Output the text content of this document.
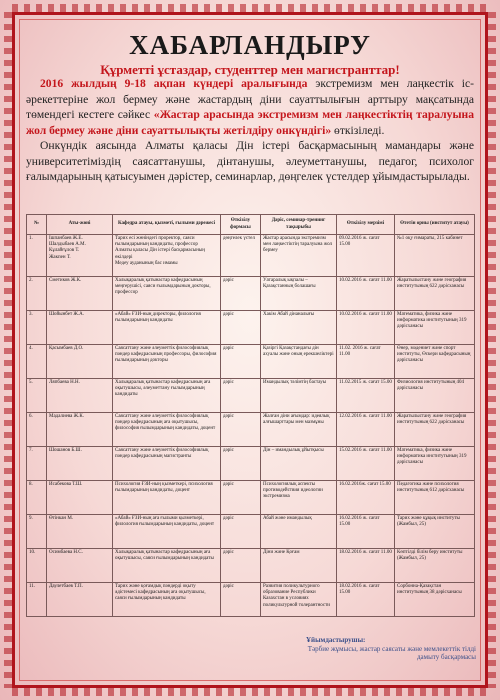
ХАБАРЛАНДЫРУ
Құрметті ұстаздар, студенттер мен магистранттар!

2016 жылдың 9-18 ақпан күндері аралығында экстремизм мен лаңкестік іс-әрекеттеріне жол бермеу және жастардың діни сауаттылығын арттыру мақсатында төмендегі кестеге сәйкес «Жастар арасында экстремизм мен лаңкестіктің таралуына жол бермеу және діни сауаттылықты жетілдіру онкүндігі» өткізіледі.

Онкүндік аясында Алматы қаласы Дін істері басқармасының мамандары және университетіміздің саясаттанушы, дінтанушы, әлеуметтанушы, педагог, психолог ғалымдарының қатысуымен дәрістер, семинарлар, дөңгелек үстелдер ұйымдастырылады.

№	Аты-жөні	Кафедра атауы, қызметі, ғылыми дәрежесі	Өткізілу формасы	Дәріс, семинар-тренинг тақырыбы	Өткізілу мерзімі	Өтетін орны (институт атауы)
1.	Ішпанбаев Ж.Е.
Шалдыбаев А.М.
Кұлайғұлов Т.
Жакпен Т.	Тарих есі жөніндегі проректор, саяси ғылымдарының кандидаты, профессор
Алматы қаласы Дін істері басқармасының өкілдері
Медеу ауданының бас имамы	дөңгелек үстел	Жастар арасында экстремизм мен лаңкестіктің таралуына жол бермеу	09.02.2016 ж. сағат 15.00	№1 оқу ғимараты, 215 кабинет
2.	Сметиков Ж.К.	Халықаралық қатынастар кафедрасының меңгерушісі, саяси ғылымдарының докторы, профессор	дәріс	Уатаралық ықпалы – Қазақстанның болашағы	10.02.2016 ж. сағат 11.00	Жаратылыстану және география институтының 622 дәрісханасы
3.	Шойынбет Ж.А.	«Абай» ҒЗИ-ның директоры, филология ғылымдарының кандидаты	дәріс	Хакім Абай дінаналығы	10.02.2016 ж. сағат 11.00	Математика, физика және информатика институтының 319 дәрісханасы
4.	Қасымбаев Д.О.	Саясаттану және әлеуметтік философиялық пәндер кафедрасының профессоры, философия ғылымдарының докторы	дәріс	Қазіргі Қазақстандағы дін ахуалы және оның ерекшеліктері	11.02. 2016 ж. сағат 11.00	Өнер, мәдениет және спорт институты, Өскери кафедрасының дәрісханасы
5.	Ляпбаева Н.Н.	Халықаралық қатынастар кафедрасының аға оқытушысы, әлеуметтану ғылымдарының кандидаты	дәріс	Имандылық тәлімтің бастауы	11.02.2015 ж. сағат 15.00	Физиология институтының 404 дәрісханасы
6.	Мадалиева Ж.К.	Саясаттану және әлеуметтік философиялық пәндер кафедрасының аға оқытушысы, философия ғылымдарының кандидаты, доцент	дәріс	Жалған діни ағымдар: идеялық алғышарттары мен мазмұны	12.02.2016 ж. сағат 11.00	Жаратылыстану және география институтының 622 дәрісханасы
7.	Шошанов Б.Ш.	Саясаттану және әлеуметтік философиялық пәндер кафедрасының магистранты	дәріс	Дін – имандылық ұйытқысы	15.02.2016 ж. сағат 11.00	Математика, физика және информатика институтының 319 дәрісханасы
8.	Исабекова Т.Ш.	Психология ҒЗИ-ның қызметкері, психология ғылымдарының кандидаты, доцент	дәріс	Психологиялық аспекты противодействия идеологии экстремизма	16.02.2016ж. сағат 15.00	Педагогика және психология институтының 612 дәрісханасы
9.	Өтінкан М.	«Абай» ҒЗИ-ның аға ғылыми қызметкері, филология ғылымдарының кандидаты, доцент	дәріс	Абай және имандылық	16.02.2016 ж. сағат 15.00	Тарих және құқық институты (Жамбыл, 25)
10.	Осимбаева Н.С.	Халықаралық қатынастар кафедрасының аға оқытушысы, саяси ғылымдарының кандидаты	дәріс	Діни және Қоғам	18.02.2016 ж. сағат 11.00	Көптілді білім беру институты (Жамбыл, 25)
11.	Даулетбаев Т.П.	Тарих және қоғамдық пәндерді оқыту әдістемесі кафедрасының аға оқытушысы, саяси ғылымдарының кандидаты	дәріс	Развития поликультурного образование Республики Казахстан в условиях поликультурной толерантности	18.02.2016 ж. сағат 15.00	Сорбонна-Қазақстан институтының 38 дәрісханасы
Ұйымдастырушы:
Тәрбие жұмысы, жастар саясаты және мемлекеттік тілді дамыту басқармасы
